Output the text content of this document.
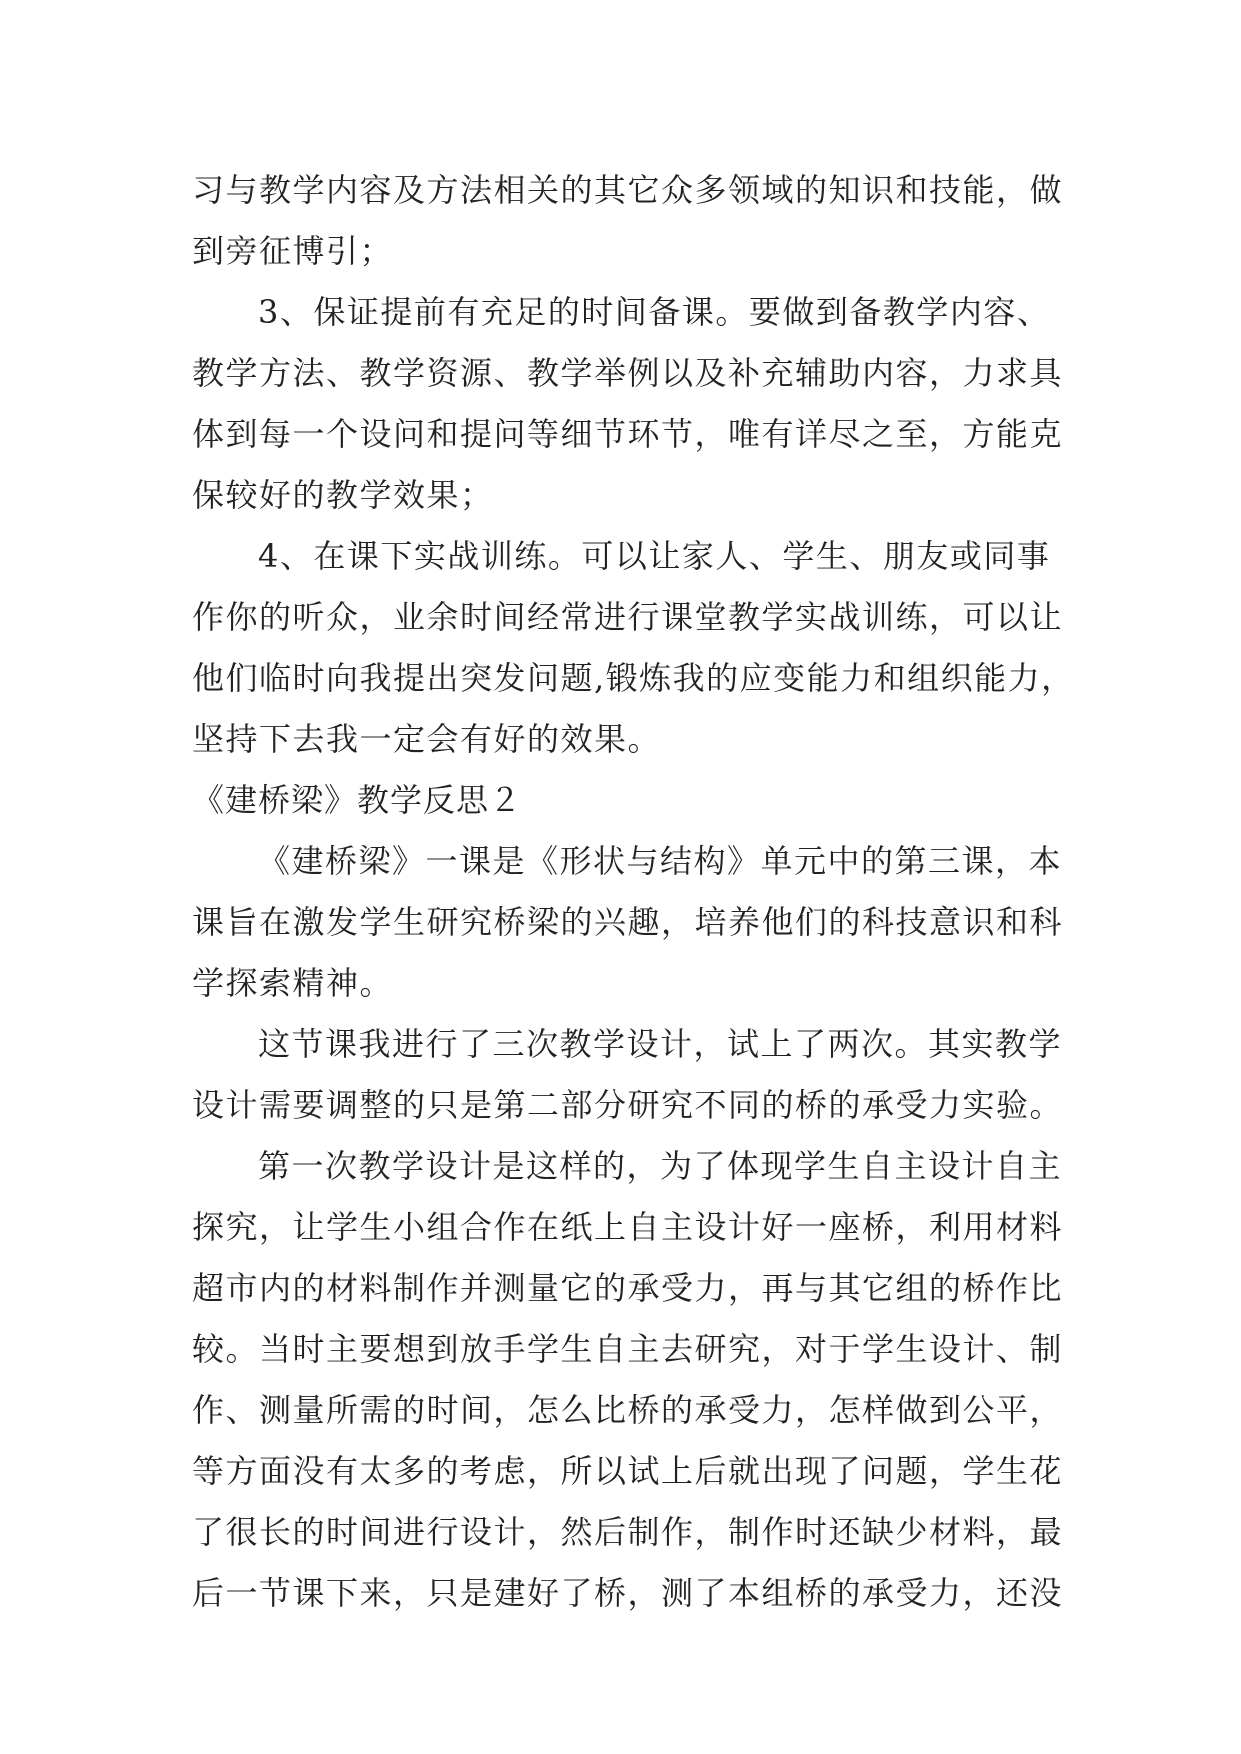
习与教学内容及方法相关的其它众多领域的知识和技能，做
到旁征博引；
3、保证提前有充足的时间备课。要做到备教学内容、
教学方法、教学资源、教学举例以及补充辅助内容，力求具
体到每一个设问和提问等细节环节，唯有详尽之至，方能克
保较好的教学效果；
4、在课下实战训练。可以让家人、学生、朋友或同事
作你的听众，业余时间经常进行课堂教学实战训练，可以让
他们临时向我提出突发问题,锻炼我的应变能力和组织能力，
坚持下去我一定会有好的效果。
《建桥梁》教学反思２
《建桥梁》一课是《形状与结构》单元中的第三课，本
课旨在激发学生研究桥梁的兴趣，培养他们的科技意识和科
学探索精神。
这节课我进行了三次教学设计，试上了两次。其实教学
设计需要调整的只是第二部分研究不同的桥的承受力实验。
第一次教学设计是这样的，为了体现学生自主设计自主
探究，让学生小组合作在纸上自主设计好一座桥，利用材料
超市内的材料制作并测量它的承受力，再与其它组的桥作比
较。当时主要想到放手学生自主去研究，对于学生设计、制
作、测量所需的时间，怎么比桥的承受力，怎样做到公平，
等方面没有太多的考虑，所以试上后就出现了问题，学生花
了很长的时间进行设计，然后制作，制作时还缺少材料，最
后一节课下来，只是建好了桥，测了本组桥的承受力，还没
